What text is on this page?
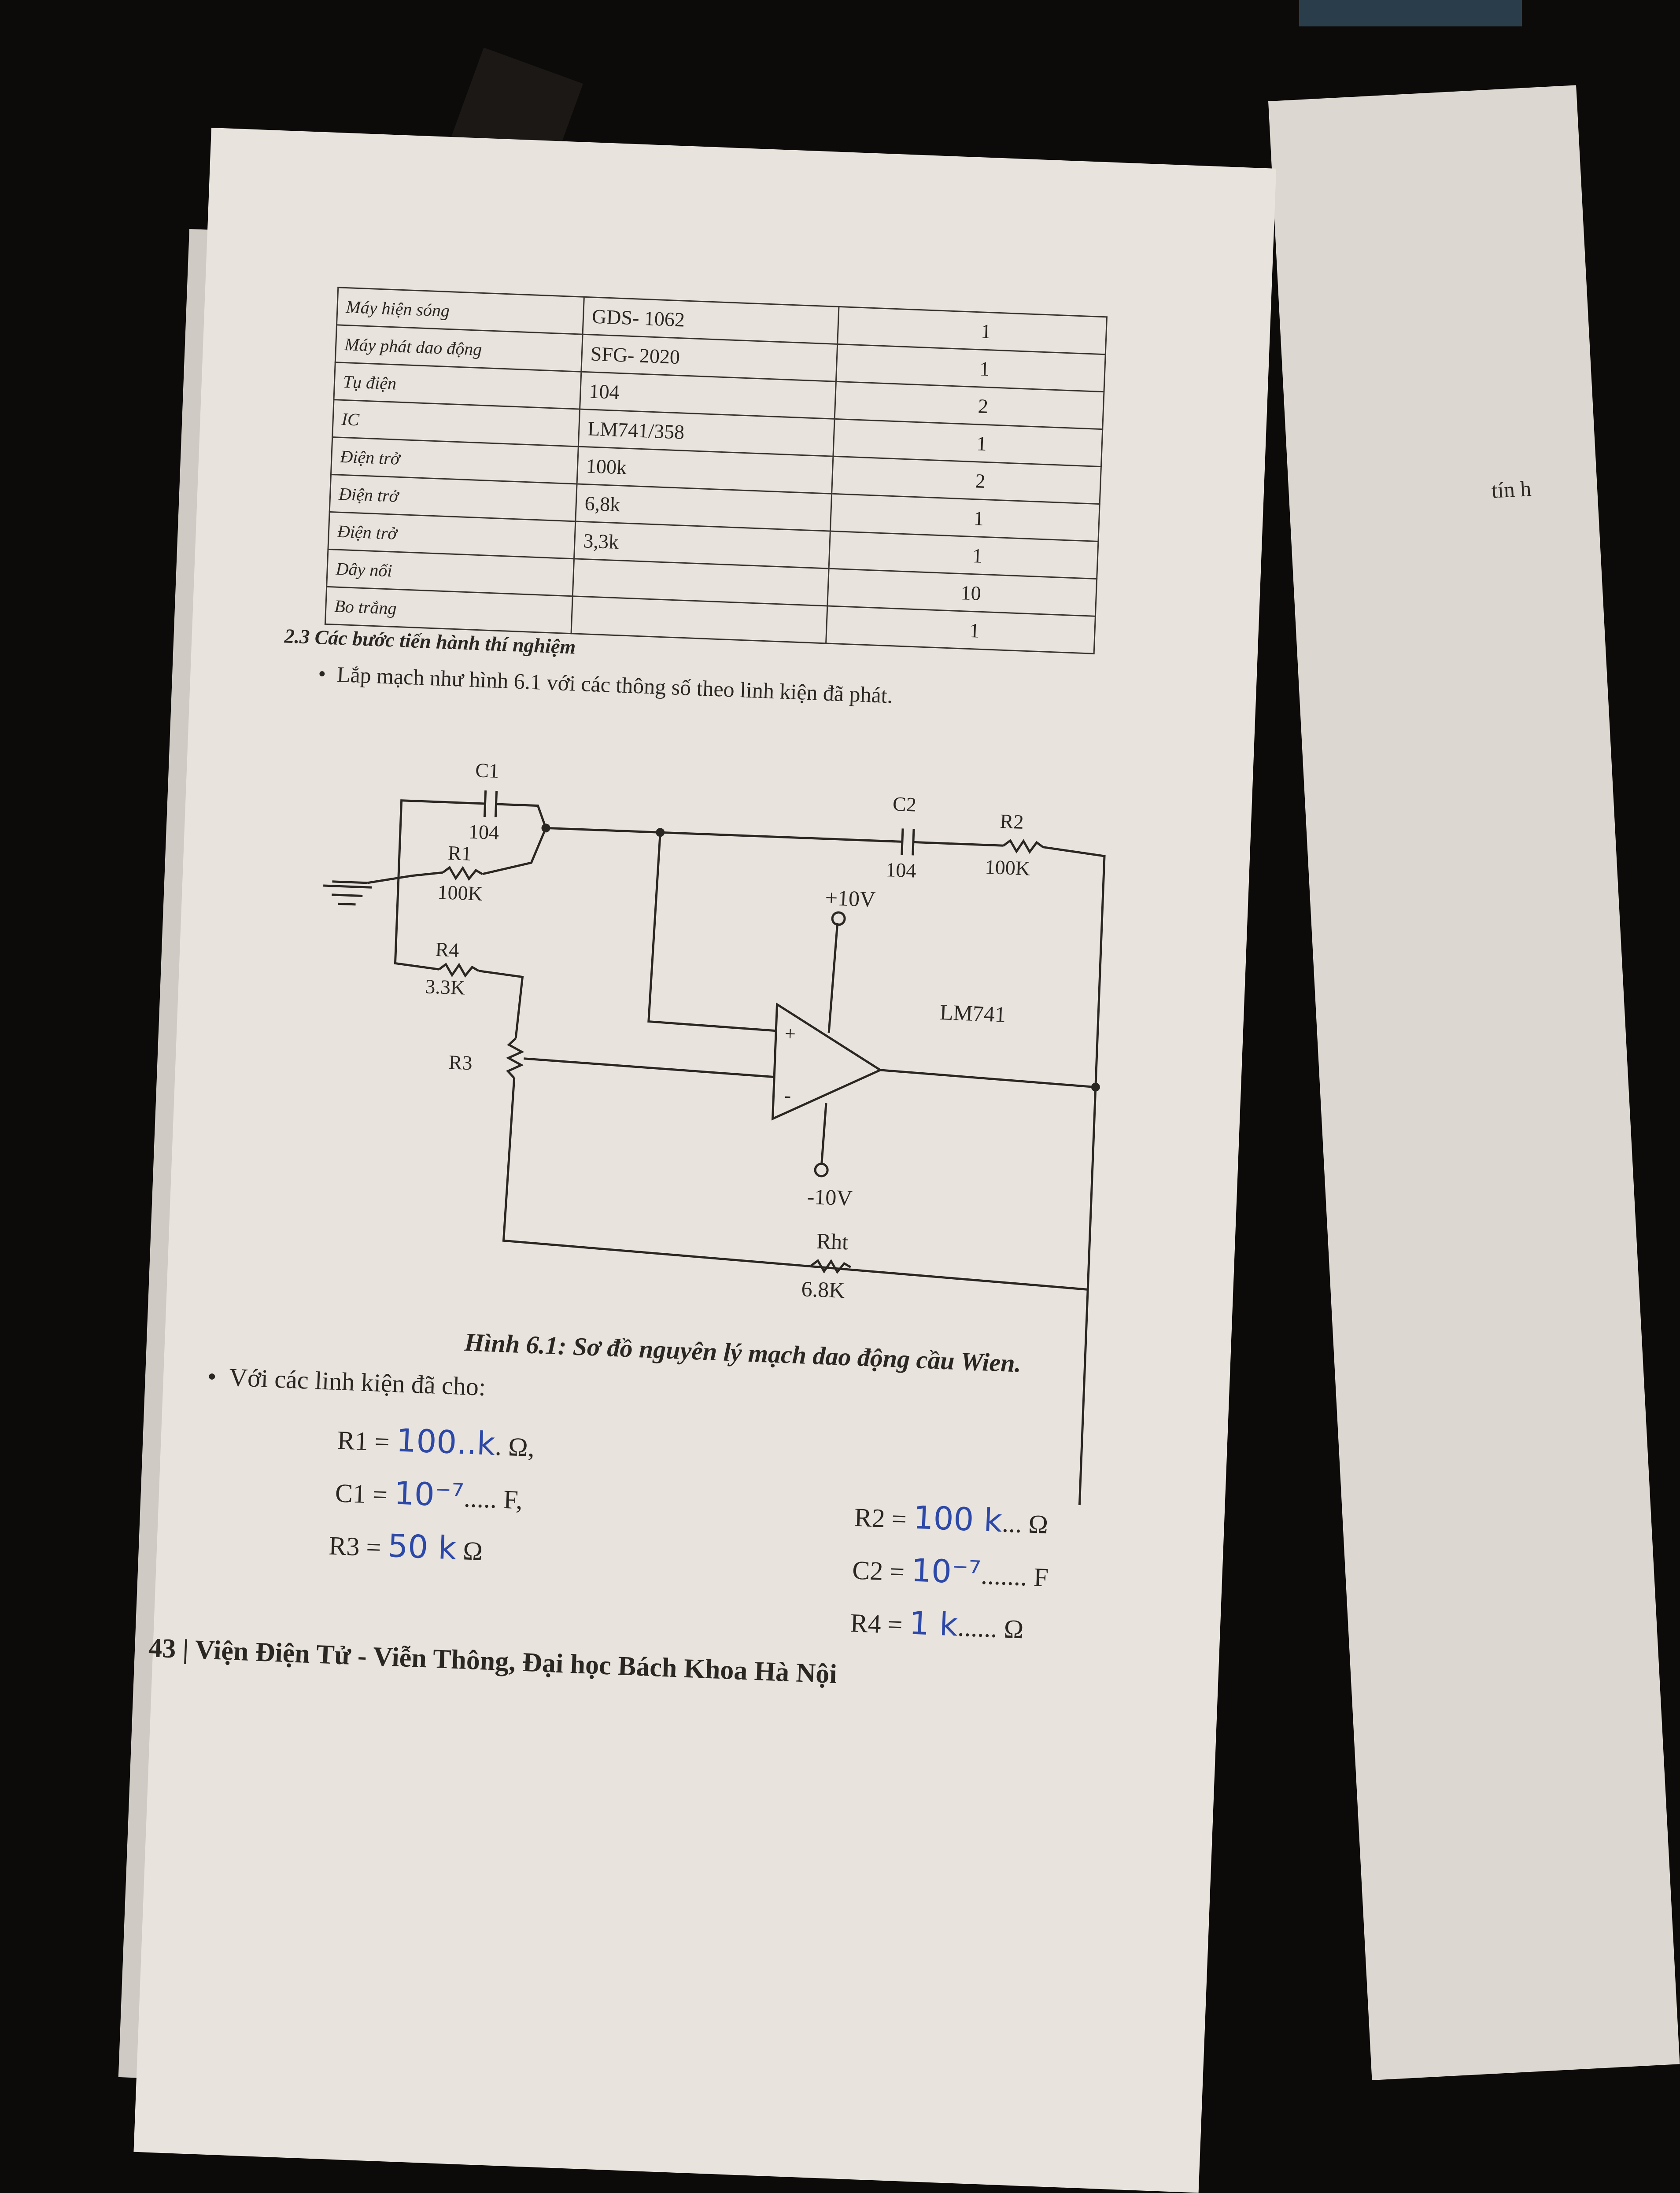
tín h
Máy hiện sóng	GDS- 1062	1
Máy phát dao động	SFG- 2020	1
Tụ điện	104	2
IC	LM741/358	1
Điện trở	100k	2
Điện trở	6,8k	1
Điện trở	3,3k	1
Dây nối		10
Bo trắng		1
2.3 Các bước tiến hành thí nghiệm
•  Lắp mạch như hình 6.1 với các thông số theo linh kiện đã phát.
C1
104
R1
100K
C2
104
R2
100K
R4
3.3K
R3
+10V
LM741
+
-
-10V
Rht
6.8K
Hình 6.1: Sơ đồ nguyên lý mạch dao động cầu Wien.
•  Với các linh kiện đã cho:
R1 = 100..k. Ω,
C1 = 10⁻⁷..... F,
R3 = 50 k Ω
R2 = 100 k... Ω
C2 = 10⁻⁷....... F
R4 = 1 k...... Ω
43 | Viện Điện Tử - Viễn Thông, Đại học Bách Khoa Hà Nội
